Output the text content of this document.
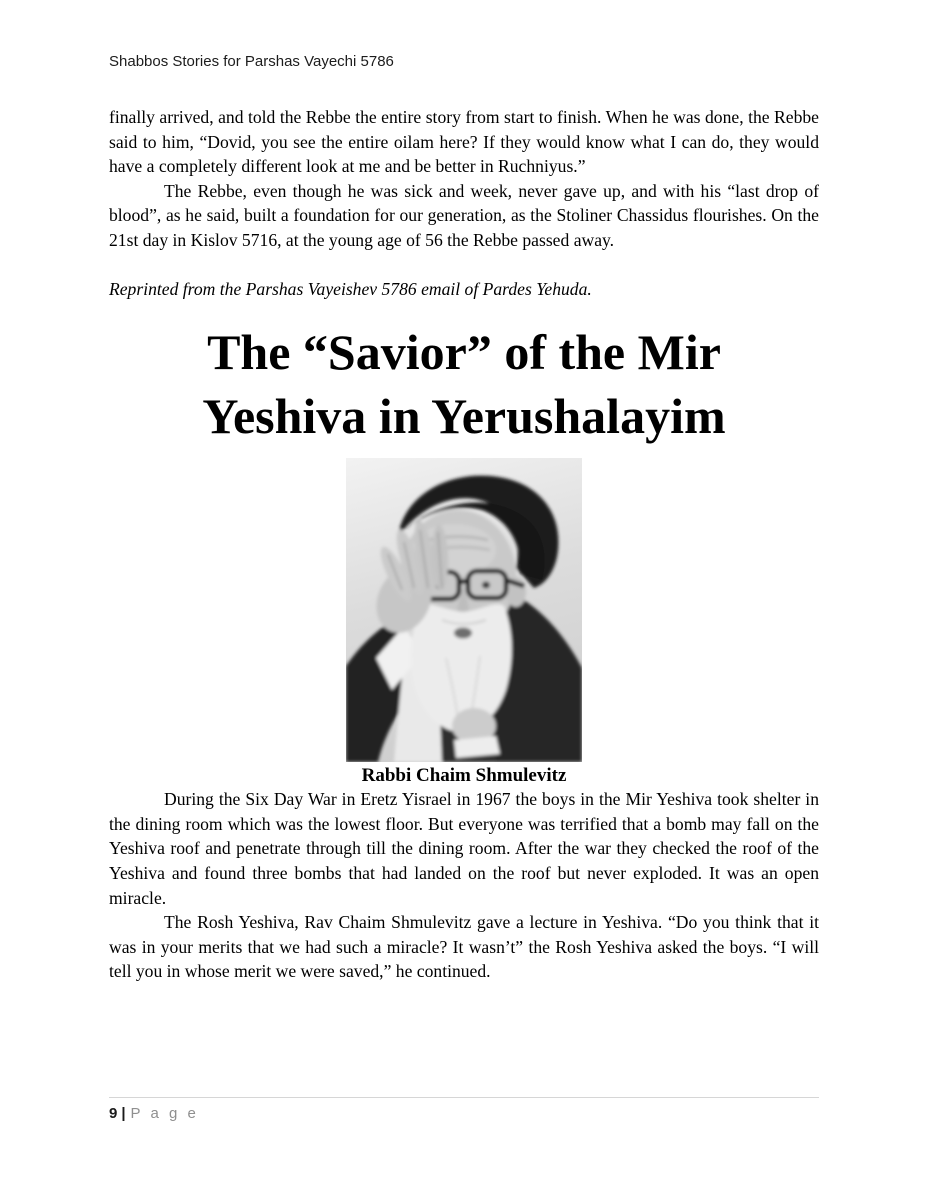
Shabbos Stories for Parshas Vayechi 5786

finally arrived, and told the Rebbe the entire story from start to finish. When he was done, the Rebbe said to him, “Dovid, you see the entire oilam here? If they would know what I can do, they would have a completely different look at me and be better in Ruchniyus.”

The Rebbe, even though he was sick and week, never gave up, and with his “last drop of blood”, as he said, built a foundation for our generation, as the Stoliner Chassidus flourishes. On the 21st day in Kislov 5716, at the young age of 56 the Rebbe passed away.

Reprinted from the Parshas Vayeishev 5786 email of Pardes Yehuda.

The “Savior” of the Mir
Yeshiva in Yerushalayim
Rabbi Chaim Shmulevitz

During the Six Day War in Eretz Yisrael in 1967 the boys in the Mir Yeshiva took shelter in the dining room which was the lowest floor. But everyone was terrified that a bomb may fall on the Yeshiva roof and penetrate through till the dining room. After the war they checked the roof of the Yeshiva and found three bombs that had landed on the roof but never exploded. It was an open miracle.

The Rosh Yeshiva, Rav Chaim Shmulevitz gave a lecture in Yeshiva. “Do you think that it was in your merits that we had such a miracle? It wasn’t” the Rosh Yeshiva asked the boys. “I will tell you in whose merit we were saved,” he continued.

9 | P a g e
